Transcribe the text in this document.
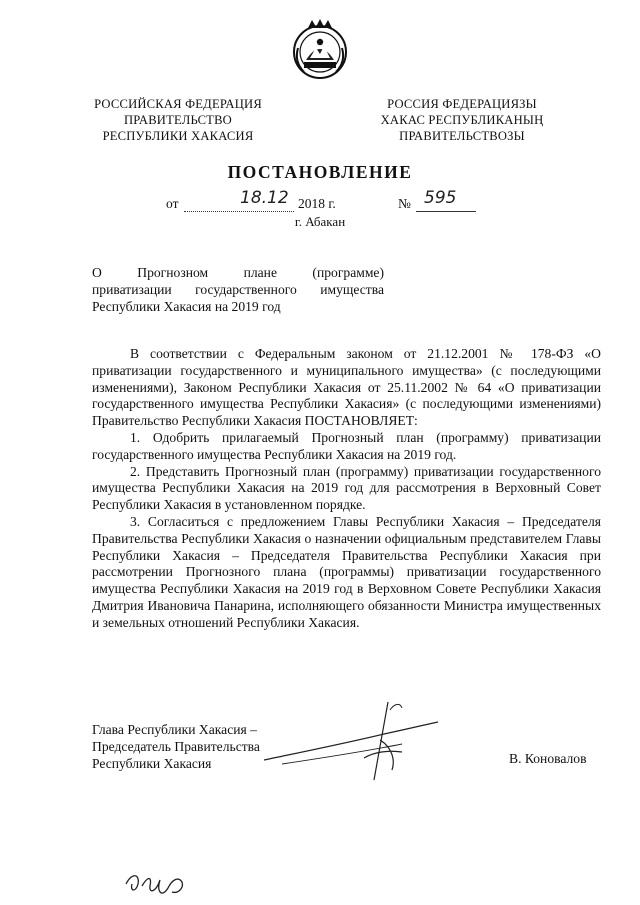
РОССИЙСКАЯ ФЕДЕРАЦИЯ
ПРАВИТЕЛЬСТВО
РЕСПУБЛИКИ ХАКАСИЯ
РОССИЯ ФЕДЕРАЦИЯЗЫ
ХАКАС РЕСПУБЛИКАНЫҢ
ПРАВИТЕЛЬСТВОЗЫ
ПОСТАНОВЛЕНИЕ
от	18.12 2018 г.	№ 595
г. Абакан
О Прогнозном плане (программе)
приватизации государственного имущества
Республики Хакасия на 2019 год

В соответствии с Федеральным законом от 21.12.2001 № 178-ФЗ «О приватизации государственного и муниципального имущества» (с последующими изменениями), Законом Республики Хакасия от 25.11.2002 № 64 «О приватизации государственного имущества Республики Хакасия» (с последующими изменениями) Правительство Республики Хакасия ПОСТАНОВЛЯЕТ:

1. Одобрить прилагаемый Прогнозный план (программу) приватизации государственного имущества Республики Хакасия на 2019 год.

2. Представить Прогнозный план (программу) приватизации государственного имущества Республики Хакасия на 2019 год для рассмотрения в Верховный Совет Республики Хакасия в установленном порядке.

3. Согласиться с предложением Главы Республики Хакасия – Председателя Правительства Республики Хакасия о назначении официальным представителем Главы Республики Хакасия – Председателя Правительства Республики Хакасия при рассмотрении Прогнозного плана (программы) приватизации государственного имущества Республики Хакасия на 2019 год в Верховном Совете Республики Хакасия Дмитрия Ивановича Панарина, исполняющего обязанности Министра имущественных и земельных отношений Республики Хакасия.

Глава Республики Хакасия –
Председатель Правительства
Республики Хакасия	В. Коновалов
